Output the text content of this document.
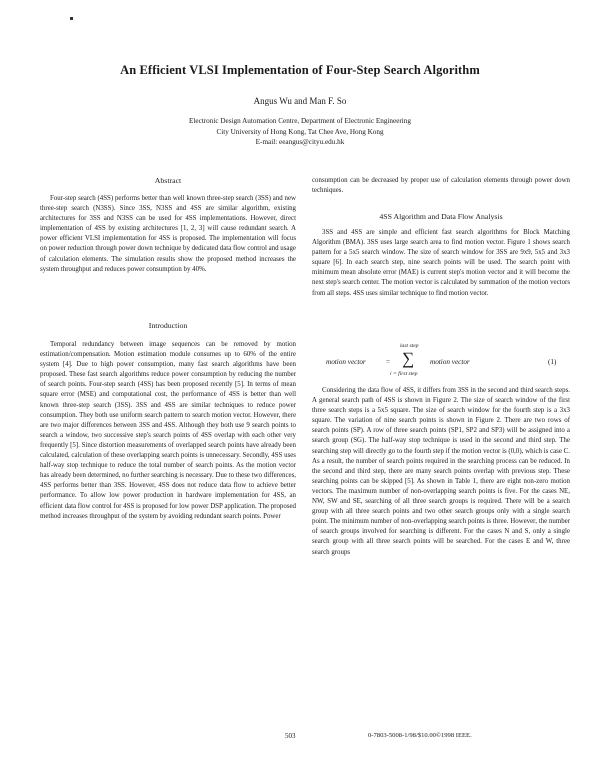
An Efficient VLSI Implementation of Four-Step Search Algorithm
Angus Wu and Man F. So
Electronic Design Automation Centre, Department of Electronic Engineering
City University of Hong Kong, Tat Chee Ave, Hong Kong
E-mail: eeangus@cityu.edu.hk
Abstract

Four-step search (4SS) performs better than well known three-step search (3SS) and new three-step search (N3SS). Since 3SS, N3SS and 4SS are similar algorithm, existing architectures for 3SS and N3SS can be used for 4SS implementations. However, direct implementation of 4SS by existing architectures [1, 2, 3] will cause redundant search. A power efficient VLSI implementation for 4SS is proposed. The implementation will focus on power reduction through power down technique by dedicated data flow control and usage of calculation elements. The simulation results show the proposed method increases the system throughput and reduces power consumption by 40%.

Introduction

Temporal redundancy between image sequences can be removed by motion estimation/compensation. Motion estimation module consumes up to 60% of the entire system [4]. Due to high power consumption, many fast search algorithms have been proposed. These fast search algorithms reduce power consumption by reducing the number of search points. Four-step search (4SS) has been proposed recently [5]. In terms of mean square error (MSE) and computational cost, the performance of 4SS is better than well known three-step search (3SS). 3SS and 4SS are similar techniques to reduce power consumption. They both use uniform search pattern to search motion vector. However, there are two major differences between 3SS and 4SS. Although they both use 9 search points to search a window, two successive step's search points of 4SS overlap with each other very frequently [5]. Since distortion measurements of overlapped search points have already been calculated, calculation of these overlapping search points is unnecessary. Secondly, 4SS uses half-way stop technique to reduce the total number of search points. As the motion vector has already been determined, no further searching is necessary. Due to these two differences, 4SS performs better than 3SS. However, 4SS does not reduce data flow to achieve better performance. To allow low power production in hardware implementation for 4SS, an efficient data flow control for 4SS is proposed for low power DSP application. The proposed method increases throughput of the system by avoiding redundant search points. Power

consumption can be decreased by proper use of calculation elements through power down techniques.

4SS Algorithm and Data Flow Analysis

3SS and 4SS are simple and efficient fast search algorithms for Block Matching Algorithm (BMA). 3SS uses large search area to find motion vector. Figure 1 shows search pattern for a 5x5 search window. The size of search window for 3SS are 9x9, 5x5 and 3x3 square [6]. In each search step, nine search points will be used. The search point with minimum mean absolute error (MAE) is current step's motion vector and it will become the next step's search center. The motion vector is calculated by summation of the motion vectors from all steps. 4SS uses similar technique to find motion vector.

motion vector	=
last step
∑
i = first step
motion vector	(1)

Considering the data flow of 4SS, it differs from 3SS in the second and third search steps. A general search path of 4SS is shown in Figure 2. The size of search window of the first three search steps is a 5x5 square. The size of search window for the fourth step is a 3x3 square. The variation of nine search points is shown in Figure 2. There are two rows of search points (SP). A row of three search points (SP1, SP2 and SP3) will be assigned into a search group (SG). The half-way stop technique is used in the second and third step. The searching step will directly go to the fourth step if the motion vector is (0,0), which is case C. As a result, the number of search points required in the searching process can be reduced. In the second and third step, there are many search points overlap with previous step. These searching points can be skipped [5]. As shown in Table 1, there are eight non-zero motion vectors. The maximum number of non-overlapping search points is five. For the cases NE, NW, SW and SE, searching of all three search groups is required. There will be a search group with all three search points and two other search groups only with a single search point. The minimum number of non-overlapping search points is three. However, the number of search groups involved for searching is different. For the cases N and S, only a single search group with all three search points will be searched. For the cases E and W, three search groups

503	0-7803-5008-1/98/$10.00©1998 IEEE.
